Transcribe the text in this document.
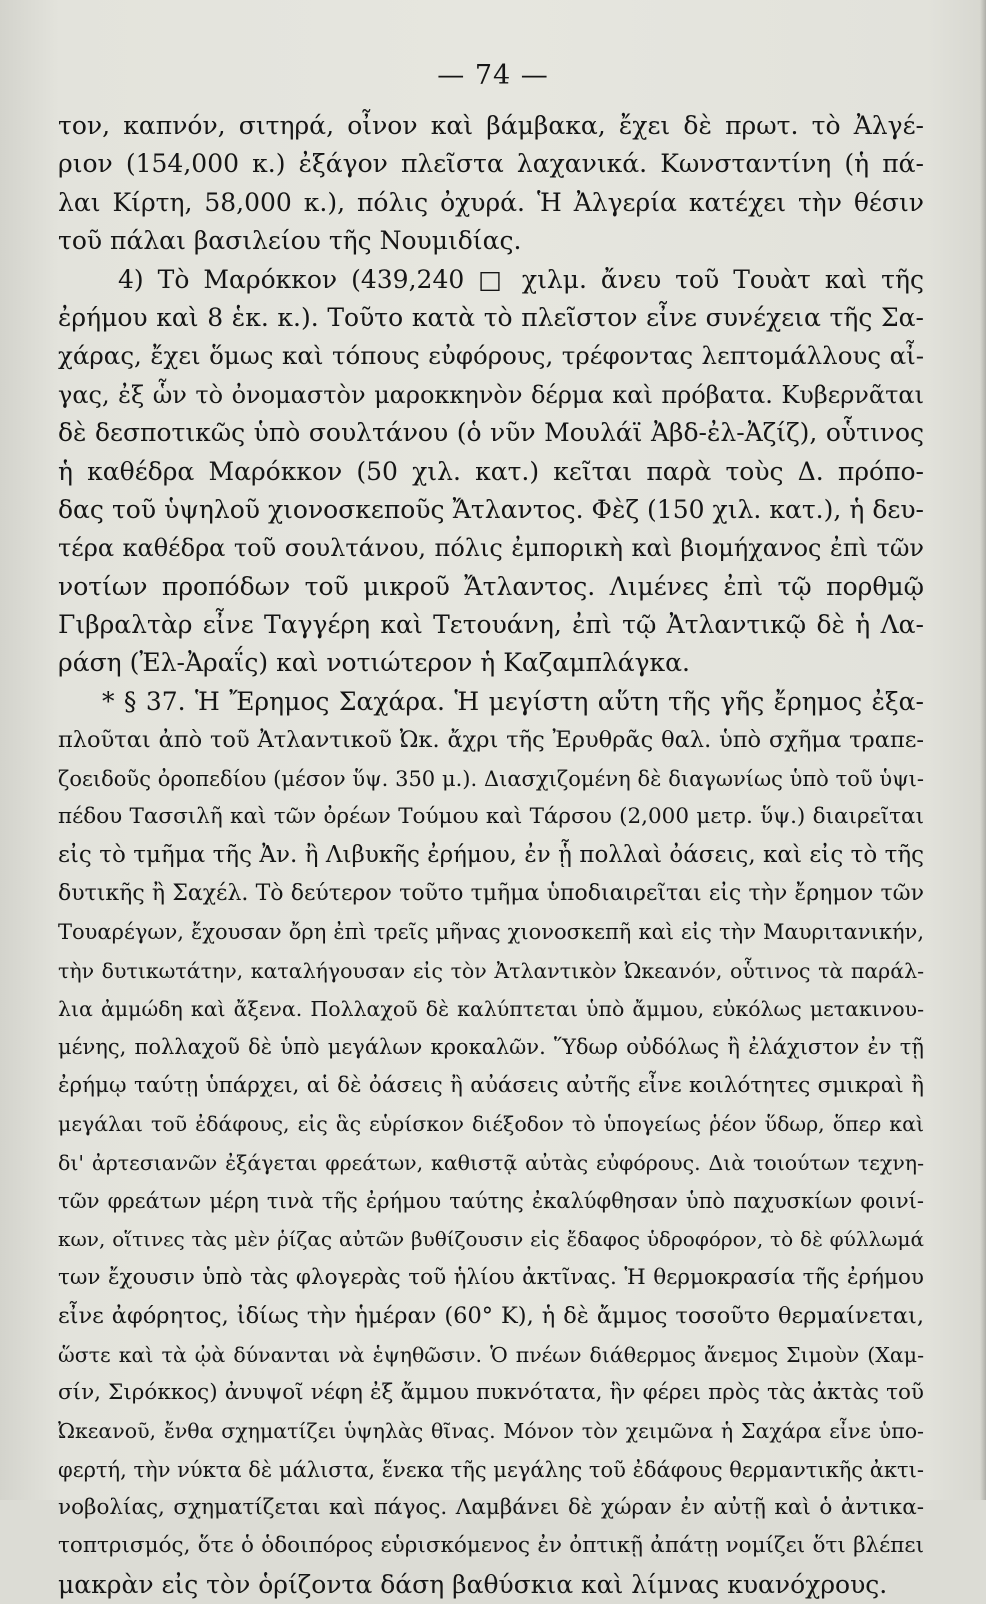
— 74 —
τον, καπνόν, σιτηρά, οἶνον καὶ βάμβακα, ἔχει δὲ πρωτ. τὸ Ἀλγέ-
ριον (154,000 κ.) ἐξάγον πλεῖστα λαχανικά. Κωνσταντίνη (ἡ πά-
λαι Κίρτη, 58,000 κ.), πόλις ὀχυρά. Ἡ Ἀλγερία κατέχει τὴν θέσιν
τοῦ πάλαι βασιλείου τῆς Νουμιδίας.
4) Τὸ Μαρόκκον (439,240 □ χιλμ. ἄνευ τοῦ Τουὰτ καὶ τῆς
ἐρήμου καὶ 8 ἑκ. κ.). Τοῦτο κατὰ τὸ πλεῖστον εἶνε συνέχεια τῆς Σα-
χάρας, ἔχει ὅμως καὶ τόπους εὐφόρους, τρέφοντας λεπτομάλλους αἶ-
γας, ἐξ ὧν τὸ ὀνομαστὸν μαροκκηνὸν δέρμα καὶ πρόβατα. Κυβερνᾶται
δὲ δεσποτικῶς ὑπὸ σουλτάνου (ὁ νῦν Μουλάϊ Ἀβδ-ἐλ-Ἀζίζ), οὗτινος
ἡ καθέδρα Μαρόκκον (50 χιλ. κατ.) κεῖται παρὰ τοὺς Δ. πρόπο-
δας τοῦ ὑψηλοῦ χιονοσκεποῦς Ἄτλαντος. Φὲζ (150 χιλ. κατ.), ἡ δευ-
τέρα καθέδρα τοῦ σουλτάνου, πόλις ἐμπορικὴ καὶ βιομήχανος ἐπὶ τῶν
νοτίων προπόδων τοῦ μικροῦ Ἄτλαντος. Λιμένες ἐπὶ τῷ πορθμῷ
Γιβραλτὰρ εἶνε Ταγγέρη καὶ Τετουάνη, ἐπὶ τῷ Ἀτλαντικῷ δὲ ἡ Λα-
ράση (Ἐλ-Ἀραΐς) καὶ νοτιώτερον ἡ Καζαμπλάγκα.
* § 37. Ἡ Ἔρημος Σαχάρα. Ἡ μεγίστη αὕτη τῆς γῆς ἔρημος ἐξα-
πλοῦται ἀπὸ τοῦ Ἀτλαντικοῦ Ὠκ. ἄχρι τῆς Ἐρυθρᾶς θαλ. ὑπὸ σχῆμα τραπε-
ζοειδοῦς ὀροπεδίου (μέσον ὕψ. 350 μ.). Διασχιζομένη δὲ διαγωνίως ὑπὸ τοῦ ὑψι-
πέδου Τασσιλῆ καὶ τῶν ὀρέων Τούμου καὶ Τάρσου (2,000 μετρ. ὕψ.) διαιρεῖται
εἰς τὸ τμῆμα τῆς Ἀν. ἢ Λιβυκῆς ἐρήμου, ἐν ᾗ πολλαὶ ὀάσεις, καὶ εἰς τὸ τῆς
δυτικῆς ἢ Σαχέλ. Τὸ δεύτερον τοῦτο τμῆμα ὑποδιαιρεῖται εἰς τὴν ἔρημον τῶν
Τουαρέγων, ἔχουσαν ὄρη ἐπὶ τρεῖς μῆνας χιονοσκεπῆ καὶ εἰς τὴν Μαυριτανικήν,
τὴν δυτικωτάτην, καταλήγουσαν εἰς τὸν Ἀτλαντικὸν Ὠκεανόν, οὗτινος τὰ παράλ-
λια ἀμμώδη καὶ ἄξενα. Πολλαχοῦ δὲ καλύπτεται ὑπὸ ἄμμου, εὐκόλως μετακινου-
μένης, πολλαχοῦ δὲ ὑπὸ μεγάλων κροκαλῶν. Ὕδωρ οὐδόλως ἢ ἐλάχιστον ἐν τῇ
ἐρήμῳ ταύτῃ ὑπάρχει, αἱ δὲ ὀάσεις ἢ αὐάσεις αὐτῆς εἶνε κοιλότητες σμικραὶ ἢ
μεγάλαι τοῦ ἐδάφους, εἰς ἃς εὑρίσκον διέξοδον τὸ ὑπογείως ῥέον ὕδωρ, ὅπερ καὶ
δι' ἀρτεσιανῶν ἐξάγεται φρεάτων, καθιστᾷ αὐτὰς εὐφόρους. Διὰ τοιούτων τεχνη-
τῶν φρεάτων μέρη τινὰ τῆς ἐρήμου ταύτης ἐκαλύφθησαν ὑπὸ παχυσκίων φοινί-
κων, οἵτινες τὰς μὲν ῥίζας αὐτῶν βυθίζουσιν εἰς ἔδαφος ὑδροφόρον, τὸ δὲ φύλλωμά
των ἔχουσιν ὑπὸ τὰς φλογερὰς τοῦ ἡλίου ἀκτῖνας. Ἡ θερμοκρασία τῆς ἐρήμου
εἶνε ἀφόρητος, ἰδίως τὴν ἡμέραν (60° Κ), ἡ δὲ ἄμμος τοσοῦτο θερμαίνεται,
ὥστε καὶ τὰ ᾠὰ δύνανται νὰ ἑψηθῶσιν. Ὁ πνέων διάθερμος ἄνεμος Σιμοὺν (Χαμ-
σίν, Σιρόκκος) ἀνυψοῖ νέφη ἐξ ἄμμου πυκνότατα, ἣν φέρει πρὸς τὰς ἀκτὰς τοῦ
Ὠκεανοῦ, ἔνθα σχηματίζει ὑψηλὰς θῖνας. Μόνον τὸν χειμῶνα ἡ Σαχάρα εἶνε ὑπο-
φερτή, τὴν νύκτα δὲ μάλιστα, ἕνεκα τῆς μεγάλης τοῦ ἐδάφους θερμαντικῆς ἀκτι-
νοβολίας, σχηματίζεται καὶ πάγος. Λαμβάνει δὲ χώραν ἐν αὐτῇ καὶ ὁ ἀντικα-
τοπτρισμός, ὅτε ὁ ὁδοιπόρος εὑρισκόμενος ἐν ὀπτικῇ ἀπάτῃ νομίζει ὅτι βλέπει
μακρὰν εἰς τὸν ὁρίζοντα δάση βαθύσκια καὶ λίμνας κυανόχρους.
